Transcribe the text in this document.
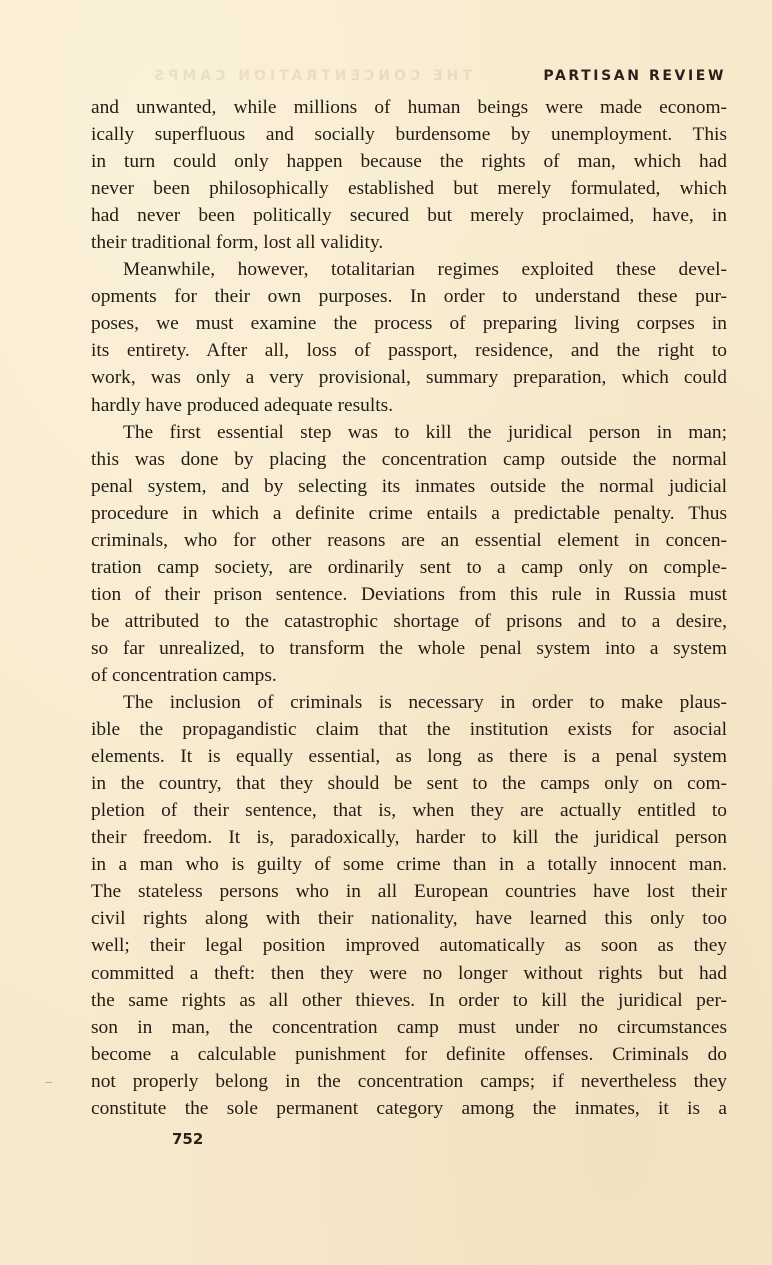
THE CONCENTRATION CAMPS	PARTISAN REVIEW
and unwanted, while millions of human beings were made econom-
ically superfluous and socially burdensome by unemployment. This
in turn could only happen because the rights of man, which had
never been philosophically established but merely formulated, which
had never been politically secured but merely proclaimed, have, in
their traditional form, lost all validity.
Meanwhile, however, totalitarian regimes exploited these devel-
opments for their own purposes. In order to understand these pur-
poses, we must examine the process of preparing living corpses in
its entirety. After all, loss of passport, residence, and the right to
work, was only a very provisional, summary preparation, which could
hardly have produced adequate results.
The first essential step was to kill the juridical person in man;
this was done by placing the concentration camp outside the normal
penal system, and by selecting its inmates outside the normal judicial
procedure in which a definite crime entails a predictable penalty. Thus
criminals, who for other reasons are an essential element in concen-
tration camp society, are ordinarily sent to a camp only on comple-
tion of their prison sentence. Deviations from this rule in Russia must
be attributed to the catastrophic shortage of prisons and to a desire,
so far unrealized, to transform the whole penal system into a system
of concentration camps.
The inclusion of criminals is necessary in order to make plaus-
ible the propagandistic claim that the institution exists for asocial
elements. It is equally essential, as long as there is a penal system
in the country, that they should be sent to the camps only on com-
pletion of their sentence, that is, when they are actually entitled to
their freedom. It is, paradoxically, harder to kill the juridical person
in a man who is guilty of some crime than in a totally innocent man.
The stateless persons who in all European countries have lost their
civil rights along with their nationality, have learned this only too
well; their legal position improved automatically as soon as they
committed a theft: then they were no longer without rights but had
the same rights as all other thieves. In order to kill the juridical per-
son in man, the concentration camp must under no circumstances
become a calculable punishment for definite offenses. Criminals do
not properly belong in the concentration camps; if nevertheless they
constitute the sole permanent category among the inmates, it is a
752
